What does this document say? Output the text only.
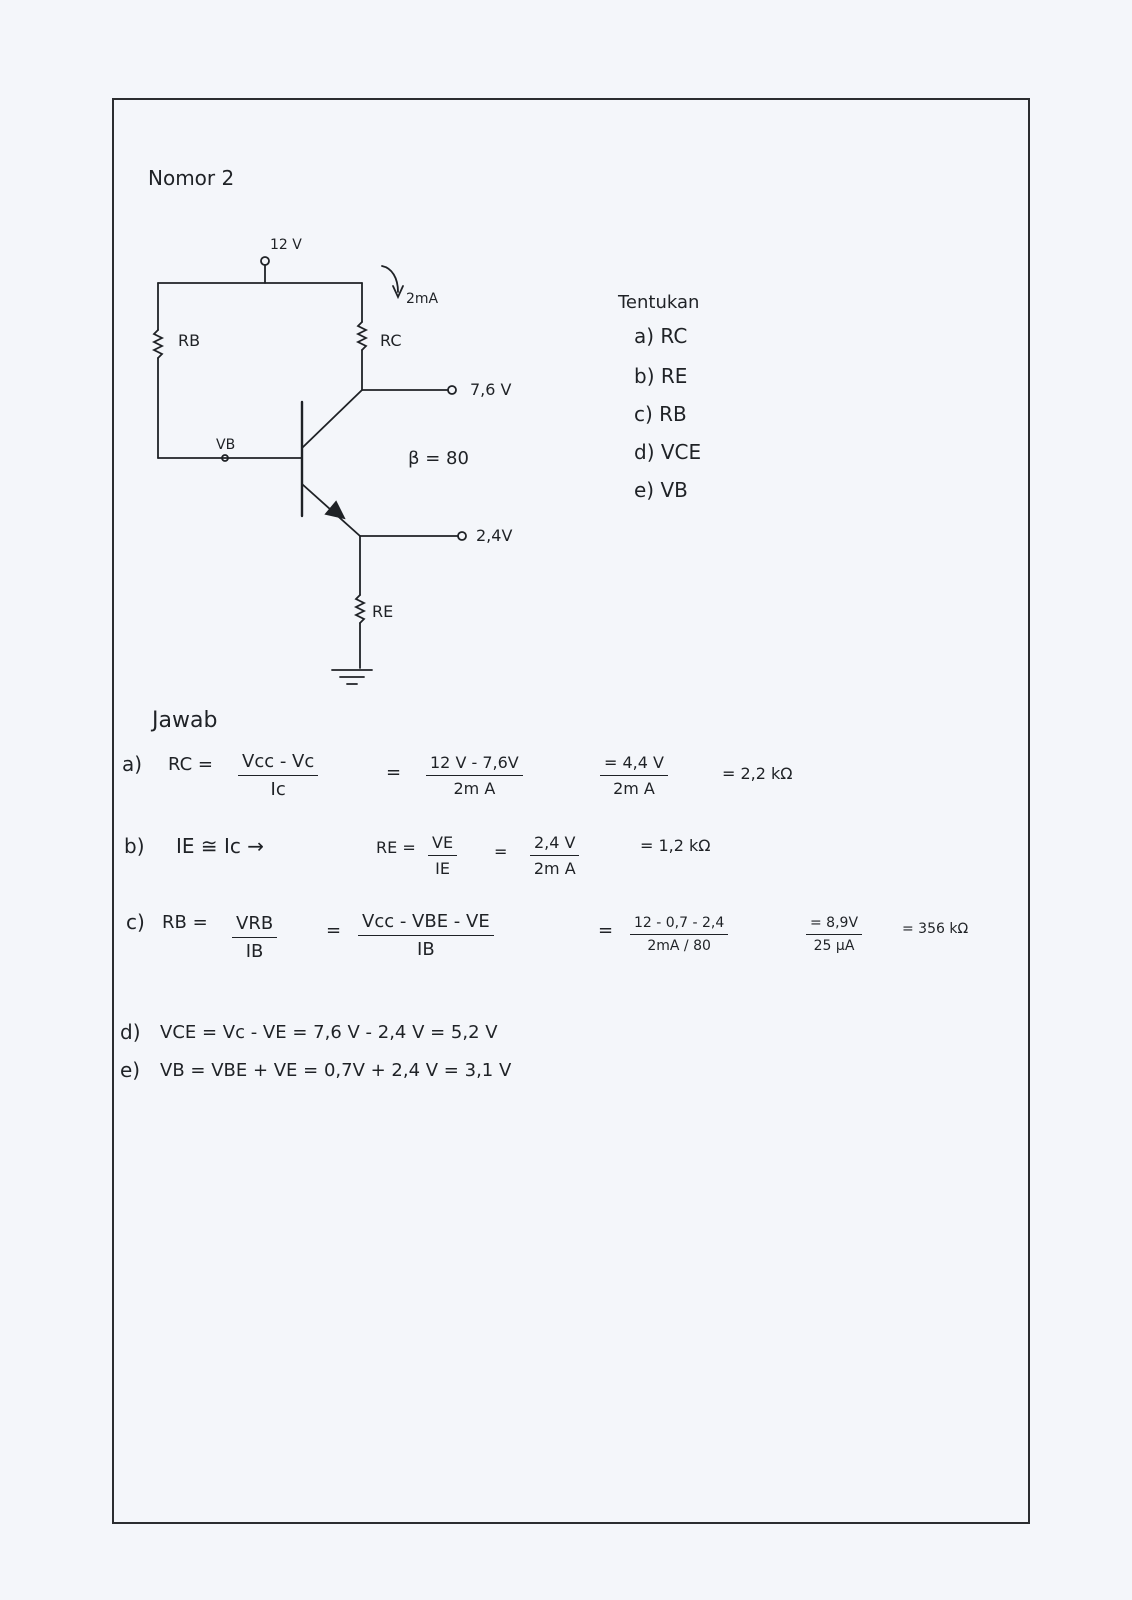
Nomor 2
12 V
2mA
RB	RC
7,6 V
VB
β = 80
2,4V
RE
Tentukan
a) RC
b) RE
c) RB
d) VCE
e) VB
Jawab
a) RC = Vcc - Vc
Ic
= $\frac{12 V - 7,6V}{\text{2m A}}$	$\frac{= 4,4 V}{\text{2m A}}$	= 2,2 kΩ
b) IE ≅ Ic →	RE = $\frac{VE}{IE} = \frac{2,4 V}{\text{2m A}}$	= 1,2 kΩ
c) RB = VRB
IB
= Vcc - VBE - VE
IB
= $\frac{12 - 0,7 - 2,4}{2mA / 80}$	$\frac{= 8,9V}{25 \mu A}$	= 356 kΩ
d) VCE = Vc - VE = 7,6 V - 2,4 V = 5,2 V
e) VB = VBE + VE = 0,7V + 2,4 V = 3,1 V
